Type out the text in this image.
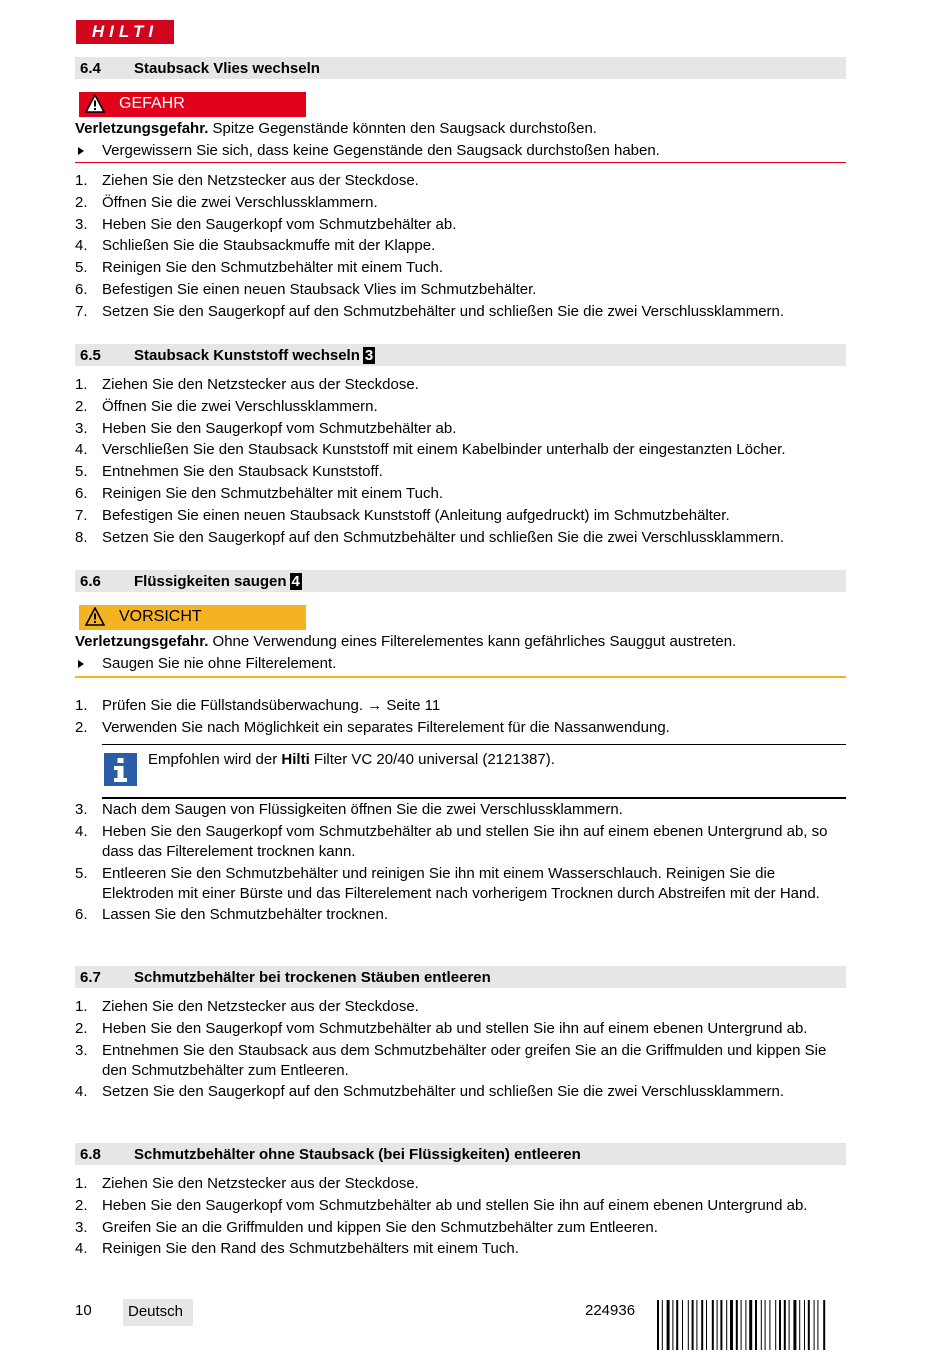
HILTI
6.4 Staubsack Vlies wechseln
GEFAHR
Verletzungsgefahr. Spitze Gegenstände könnten den Saugsack durchstoßen.
Vergewissern Sie sich, dass keine Gegenstände den Saugsack durchstoßen haben.
1. Ziehen Sie den Netzstecker aus der Steckdose.
2. Öffnen Sie die zwei Verschlussklammern.
3. Heben Sie den Saugerkopf vom Schmutzbehälter ab.
4. Schließen Sie die Staubsackmuffe mit der Klappe.
5. Reinigen Sie den Schmutzbehälter mit einem Tuch.
6. Befestigen Sie einen neuen Staubsack Vlies im Schmutzbehälter.
7. Setzen Sie den Saugerkopf auf den Schmutzbehälter und schließen Sie die zwei Verschlussklammern.
6.5 Staubsack Kunststoff wechseln 3
1. Ziehen Sie den Netzstecker aus der Steckdose.
2. Öffnen Sie die zwei Verschlussklammern.
3. Heben Sie den Saugerkopf vom Schmutzbehälter ab.
4. Verschließen Sie den Staubsack Kunststoff mit einem Kabelbinder unterhalb der eingestanzten Löcher.
5. Entnehmen Sie den Staubsack Kunststoff.
6. Reinigen Sie den Schmutzbehälter mit einem Tuch.
7. Befestigen Sie einen neuen Staubsack Kunststoff (Anleitung aufgedruckt) im Schmutzbehälter.
8. Setzen Sie den Saugerkopf auf den Schmutzbehälter und schließen Sie die zwei Verschlussklammern.
6.6 Flüssigkeiten saugen 4
VORSICHT
Verletzungsgefahr. Ohne Verwendung eines Filterelementes kann gefährliches Sauggut austreten.
Saugen Sie nie ohne Filterelement.
1. Prüfen Sie die Füllstandsüberwachung. → Seite 11
2. Verwenden Sie nach Möglichkeit ein separates Filterelement für die Nassanwendung.
Empfohlen wird der Hilti Filter VC 20/40 universal (2121387).
3. Nach dem Saugen von Flüssigkeiten öffnen Sie die zwei Verschlussklammern.
4. Heben Sie den Saugerkopf vom Schmutzbehälter ab und stellen Sie ihn auf einem ebenen Untergrund ab, so dass das Filterelement trocknen kann.
5. Entleeren Sie den Schmutzbehälter und reinigen Sie ihn mit einem Wasserschlauch. Reinigen Sie die Elektroden mit einer Bürste und das Filterelement nach vorherigem Trocknen durch Abstreifen mit der Hand.
6. Lassen Sie den Schmutzbehälter trocknen.
6.7 Schmutzbehälter bei trockenen Stäuben entleeren
1. Ziehen Sie den Netzstecker aus der Steckdose.
2. Heben Sie den Saugerkopf vom Schmutzbehälter ab und stellen Sie ihn auf einem ebenen Untergrund ab.
3. Entnehmen Sie den Staubsack aus dem Schmutzbehälter oder greifen Sie an die Griffmulden und kippen Sie den Schmutzbehälter zum Entleeren.
4. Setzen Sie den Saugerkopf auf den Schmutzbehälter und schließen Sie die zwei Verschlussklammern.
6.8 Schmutzbehälter ohne Staubsack (bei Flüssigkeiten) entleeren
1. Ziehen Sie den Netzstecker aus der Steckdose.
2. Heben Sie den Saugerkopf vom Schmutzbehälter ab und stellen Sie ihn auf einem ebenen Untergrund ab.
3. Greifen Sie an die Griffmulden und kippen Sie den Schmutzbehälter zum Entleeren.
4. Reinigen Sie den Rand des Schmutzbehälters mit einem Tuch.
10 Deutsch	224936
